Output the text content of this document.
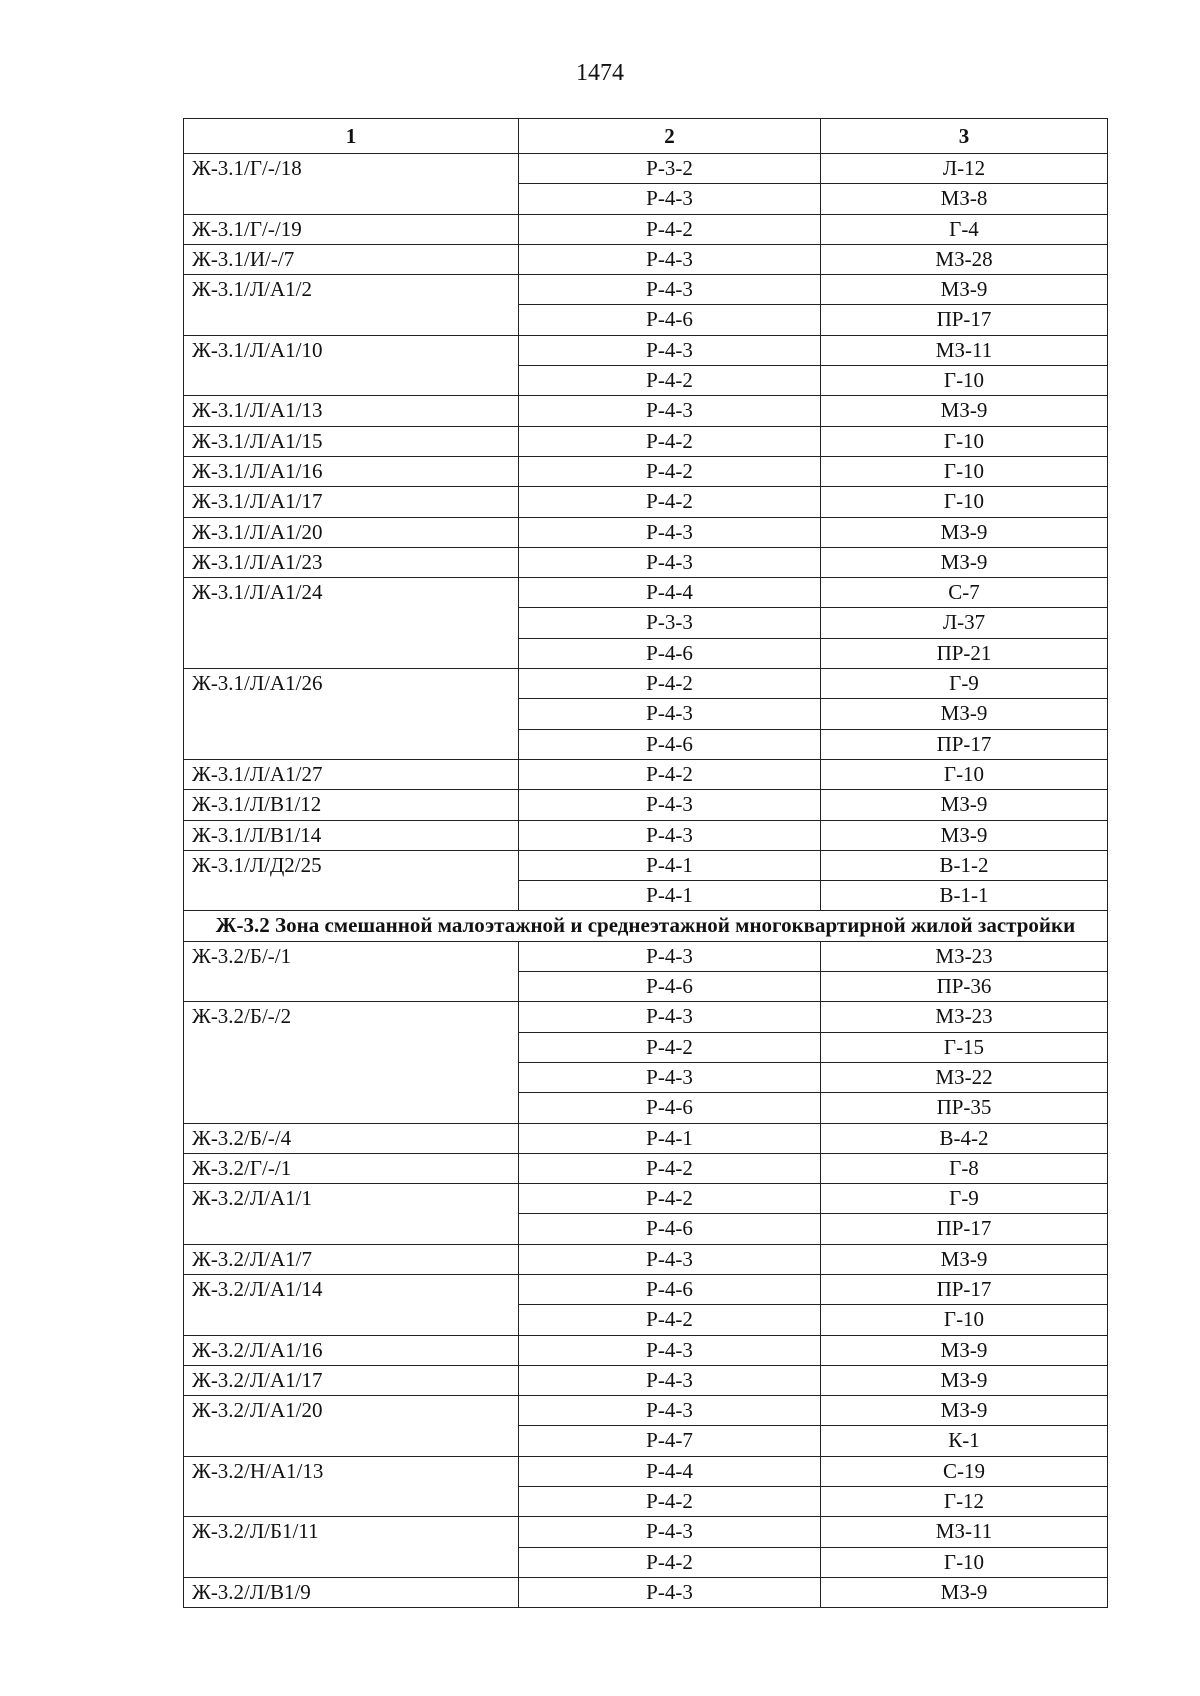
1474
1	2	3
Ж-3.1/Г/-/18	Р-3-2	Л-12
	Р-4-3	МЗ-8
Ж-3.1/Г/-/19	Р-4-2	Г-4
Ж-3.1/И/-/7	Р-4-3	МЗ-28
Ж-3.1/Л/А1/2	Р-4-3	МЗ-9
	Р-4-6	ПР-17
Ж-3.1/Л/А1/10	Р-4-3	МЗ-11
	Р-4-2	Г-10
Ж-3.1/Л/А1/13	Р-4-3	МЗ-9
Ж-3.1/Л/А1/15	Р-4-2	Г-10
Ж-3.1/Л/А1/16	Р-4-2	Г-10
Ж-3.1/Л/А1/17	Р-4-2	Г-10
Ж-3.1/Л/А1/20	Р-4-3	МЗ-9
Ж-3.1/Л/А1/23	Р-4-3	МЗ-9
Ж-3.1/Л/А1/24	Р-4-4	С-7
	Р-3-3	Л-37
	Р-4-6	ПР-21
Ж-3.1/Л/А1/26	Р-4-2	Г-9
	Р-4-3	МЗ-9
	Р-4-6	ПР-17
Ж-3.1/Л/А1/27	Р-4-2	Г-10
Ж-3.1/Л/В1/12	Р-4-3	МЗ-9
Ж-3.1/Л/В1/14	Р-4-3	МЗ-9
Ж-3.1/Л/Д2/25	Р-4-1	В-1-2
	Р-4-1	В-1-1
Ж-3.2 Зона смешанной малоэтажной и среднеэтажной многоквартирной жилой застройки		
Ж-3.2/Б/-/1	Р-4-3	МЗ-23
	Р-4-6	ПР-36
Ж-3.2/Б/-/2	Р-4-3	МЗ-23
	Р-4-2	Г-15
	Р-4-3	МЗ-22
	Р-4-6	ПР-35
Ж-3.2/Б/-/4	Р-4-1	В-4-2
Ж-3.2/Г/-/1	Р-4-2	Г-8
Ж-3.2/Л/А1/1	Р-4-2	Г-9
	Р-4-6	ПР-17
Ж-3.2/Л/А1/7	Р-4-3	МЗ-9
Ж-3.2/Л/А1/14	Р-4-6	ПР-17
	Р-4-2	Г-10
Ж-3.2/Л/А1/16	Р-4-3	МЗ-9
Ж-3.2/Л/А1/17	Р-4-3	МЗ-9
Ж-3.2/Л/А1/20	Р-4-3	МЗ-9
	Р-4-7	К-1
Ж-3.2/Н/А1/13	Р-4-4	С-19
	Р-4-2	Г-12
Ж-3.2/Л/Б1/11	Р-4-3	МЗ-11
	Р-4-2	Г-10
Ж-3.2/Л/В1/9	Р-4-3	МЗ-9
